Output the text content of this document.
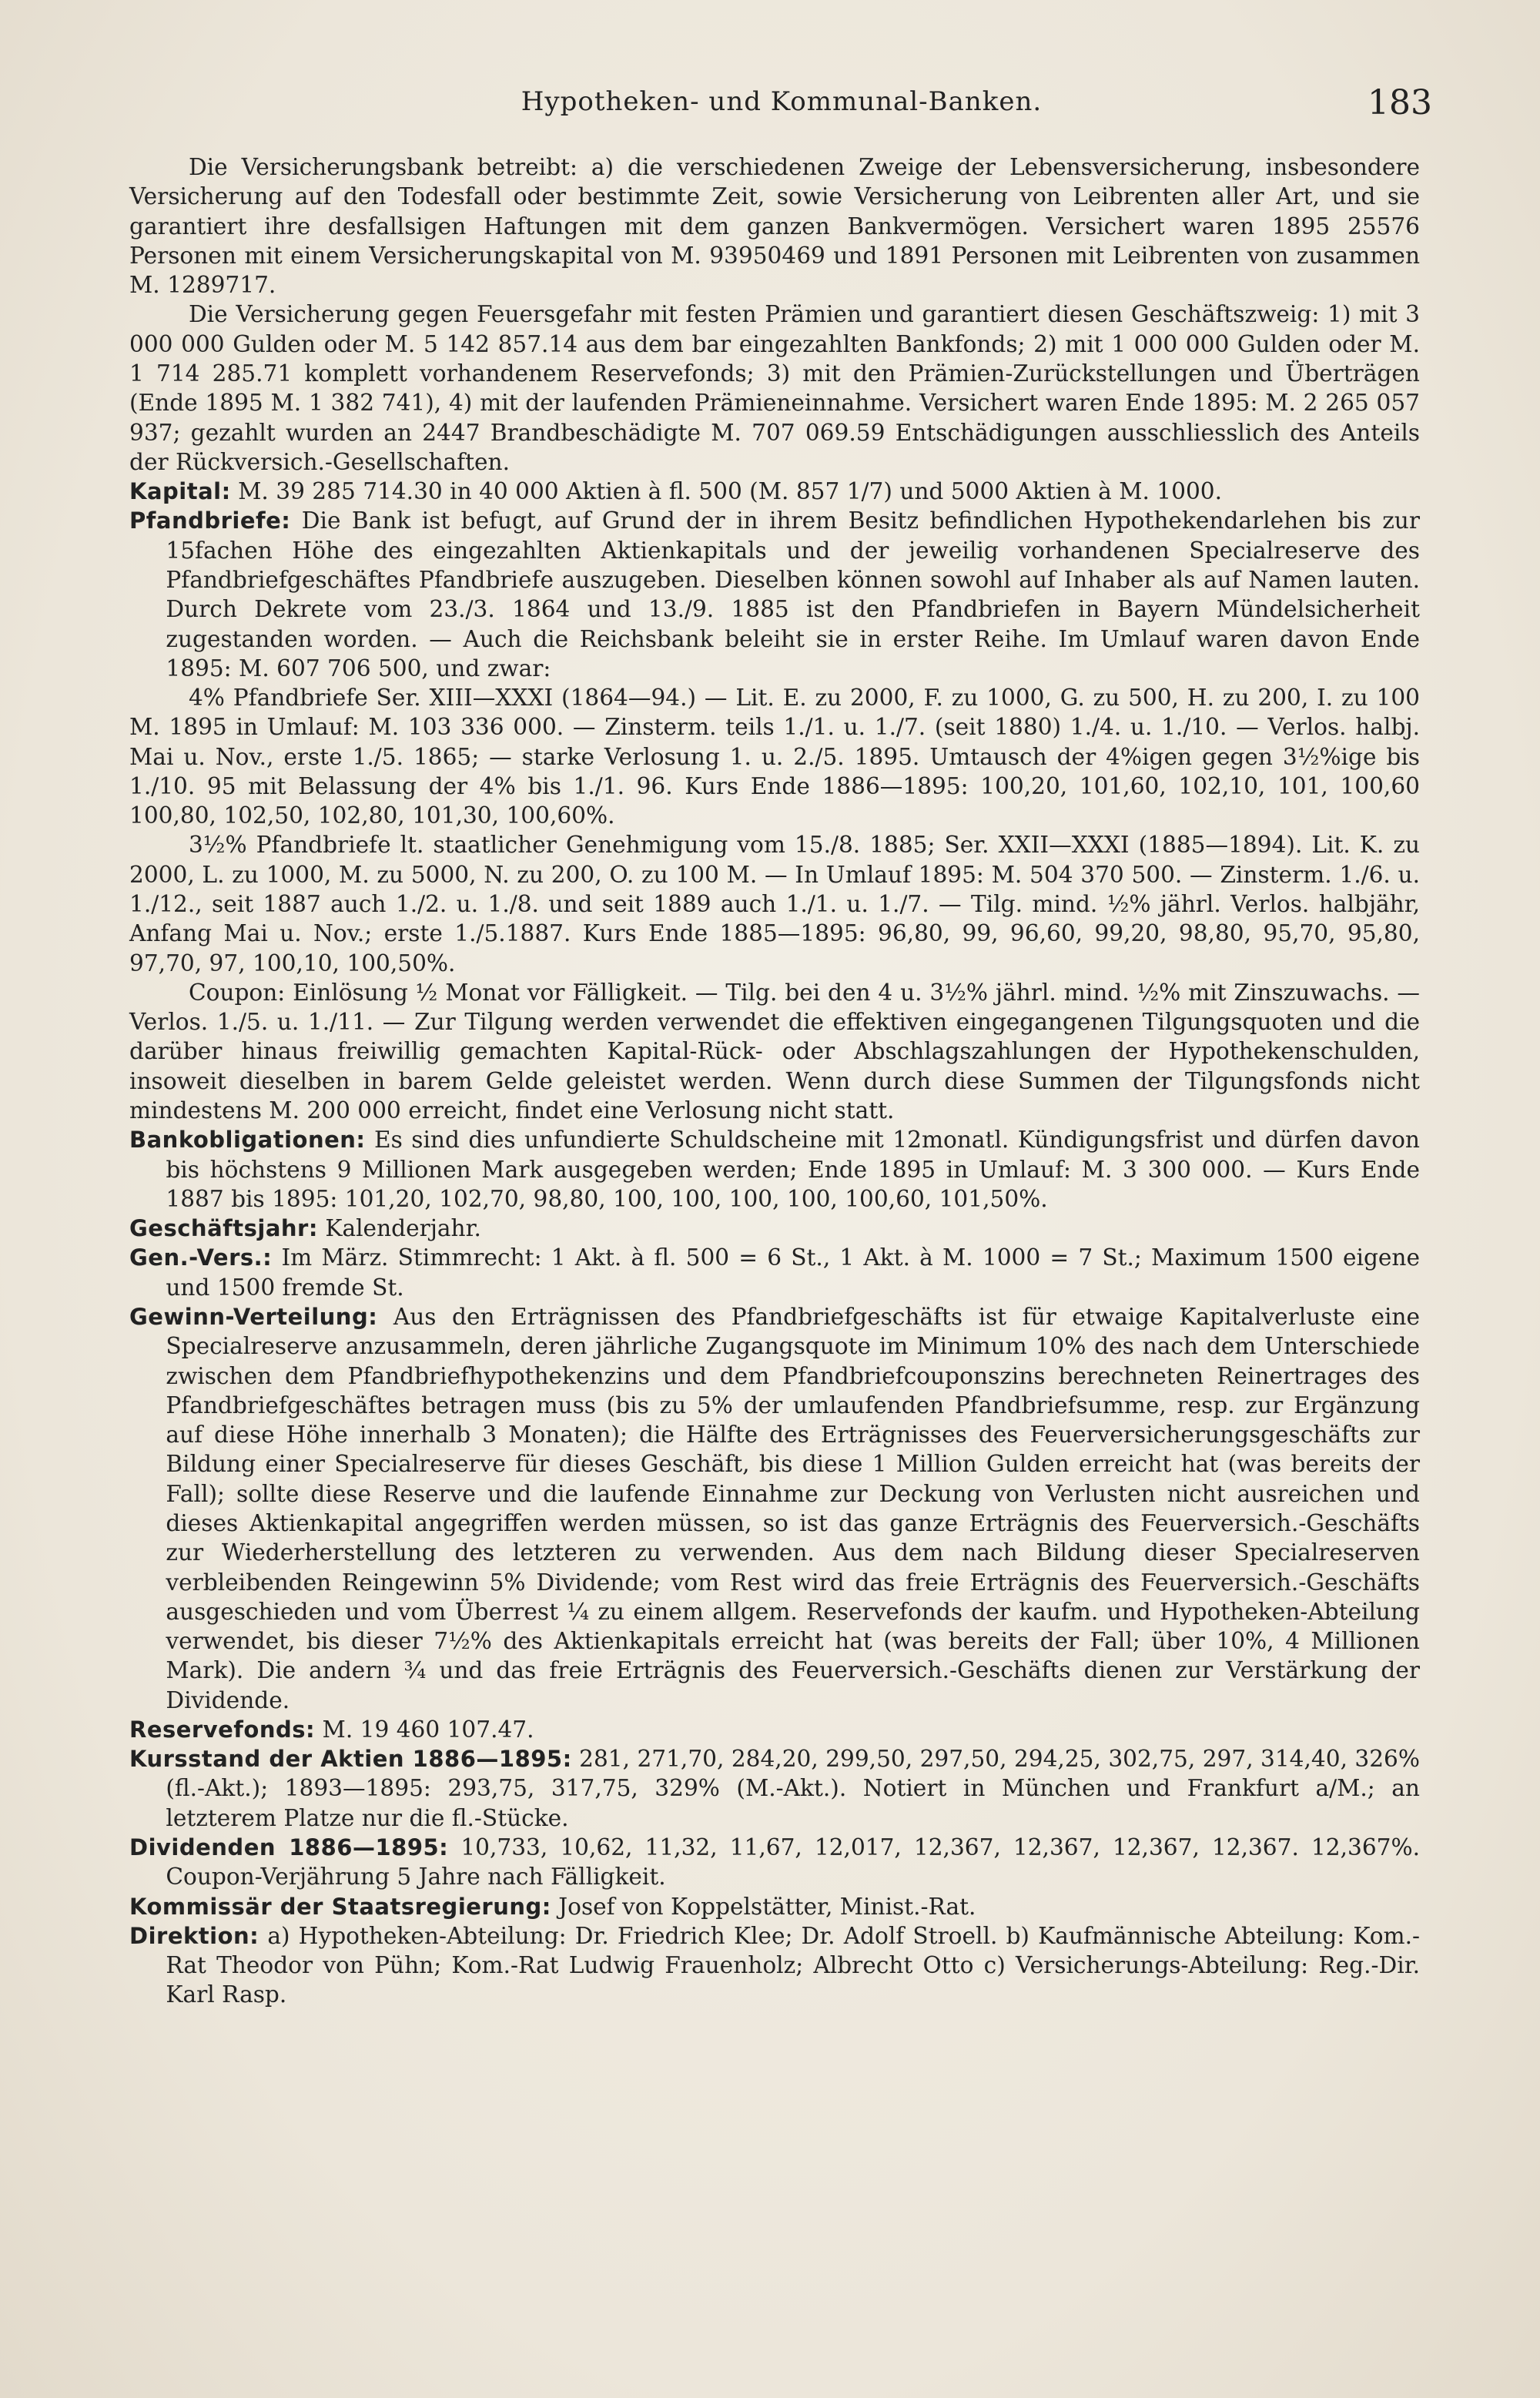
Hypotheken- und Kommunal-Banken.	183

Die Versicherungsbank betreibt: a) die verschiedenen Zweige der Lebensversicherung, insbesondere Versicherung auf den Todesfall oder bestimmte Zeit, sowie Versicherung von Leibrenten aller Art, und sie garantiert ihre desfallsigen Haftungen mit dem ganzen Bankvermögen. Versichert waren 1895 25576 Personen mit einem Versicherungskapital von M. 93950469 und 1891 Personen mit Leibrenten von zusammen M. 1289717.

Die Versicherung gegen Feuersgefahr mit festen Prämien und garantiert diesen Geschäftszweig: 1) mit 3 000 000 Gulden oder M. 5 142 857.14 aus dem bar eingezahlten Bankfonds; 2) mit 1 000 000 Gulden oder M. 1 714 285.71 komplett vorhandenem Reservefonds; 3) mit den Prämien-Zurückstellungen und Überträgen (Ende 1895 M. 1 382 741), 4) mit der laufenden Prämieneinnahme. Versichert waren Ende 1895: M. 2 265 057 937; gezahlt wurden an 2447 Brandbeschädigte M. 707 069.59 Entschädigungen ausschliesslich des Anteils der Rückversich.-Gesellschaften.

Kapital: M. 39 285 714.30 in 40 000 Aktien à fl. 500 (M. 857 1/7) und 5000 Aktien à M. 1000.

Pfandbriefe: Die Bank ist befugt, auf Grund der in ihrem Besitz befindlichen Hypothekendarlehen bis zur 15fachen Höhe des eingezahlten Aktienkapitals und der jeweilig vorhandenen Specialreserve des Pfandbriefgeschäftes Pfandbriefe auszugeben. Dieselben können sowohl auf Inhaber als auf Namen lauten. Durch Dekrete vom 23./3. 1864 und 13./9. 1885 ist den Pfandbriefen in Bayern Mündelsicherheit zugestanden worden. — Auch die Reichsbank beleiht sie in erster Reihe. Im Umlauf waren davon Ende 1895: M. 607 706 500, und zwar:

4% Pfandbriefe Ser. XIII—XXXI (1864—94.) — Lit. E. zu 2000, F. zu 1000, G. zu 500, H. zu 200, I. zu 100 M. 1895 in Umlauf: M. 103 336 000. — Zinsterm. teils 1./1. u. 1./7. (seit 1880) 1./4. u. 1./10. — Verlos. halbj. Mai u. Nov., erste 1./5. 1865; — starke Verlosung 1. u. 2./5. 1895. Umtausch der 4%igen gegen 3½%ige bis 1./10. 95 mit Belassung der 4% bis 1./1. 96. Kurs Ende 1886—1895: 100,20, 101,60, 102,10, 101, 100,60 100,80, 102,50, 102,80, 101,30, 100,60%.

3½% Pfandbriefe lt. staatlicher Genehmigung vom 15./8. 1885; Ser. XXII—XXXI (1885—1894). Lit. K. zu 2000, L. zu 1000, M. zu 5000, N. zu 200, O. zu 100 M. — In Umlauf 1895: M. 504 370 500. — Zinsterm. 1./6. u. 1./12., seit 1887 auch 1./2. u. 1./8. und seit 1889 auch 1./1. u. 1./7. — Tilg. mind. ½% jährl. Verlos. halbjähr, Anfang Mai u. Nov.; erste 1./5.1887. Kurs Ende 1885—1895: 96,80, 99, 96,60, 99,20, 98,80, 95,70, 95,80, 97,70, 97, 100,10, 100,50%.

Coupon: Einlösung ½ Monat vor Fälligkeit. — Tilg. bei den 4 u. 3½% jährl. mind. ½% mit Zinszuwachs. — Verlos. 1./5. u. 1./11. — Zur Tilgung werden verwendet die effektiven eingegangenen Tilgungsquoten und die darüber hinaus freiwillig gemachten Kapital-Rück- oder Abschlagszahlungen der Hypothekenschulden, insoweit dieselben in barem Gelde geleistet werden. Wenn durch diese Summen der Tilgungsfonds nicht mindestens M. 200 000 erreicht, findet eine Verlosung nicht statt.

Bankobligationen: Es sind dies unfundierte Schuldscheine mit 12monatl. Kündigungsfrist und dürfen davon bis höchstens 9 Millionen Mark ausgegeben werden; Ende 1895 in Umlauf: M. 3 300 000. — Kurs Ende 1887 bis 1895: 101,20, 102,70, 98,80, 100, 100, 100, 100, 100,60, 101,50%.

Geschäftsjahr: Kalenderjahr.

Gen.-Vers.: Im März. Stimmrecht: 1 Akt. à fl. 500 = 6 St., 1 Akt. à M. 1000 = 7 St.; Maximum 1500 eigene und 1500 fremde St.

Gewinn-Verteilung: Aus den Erträgnissen des Pfandbriefgeschäfts ist für etwaige Kapitalverluste eine Specialreserve anzusammeln, deren jährliche Zugangsquote im Minimum 10% des nach dem Unterschiede zwischen dem Pfandbriefhypothekenzins und dem Pfandbriefcouponszins berechneten Reinertrages des Pfandbriefgeschäftes betragen muss (bis zu 5% der umlaufenden Pfandbriefsumme, resp. zur Ergänzung auf diese Höhe innerhalb 3 Monaten); die Hälfte des Erträgnisses des Feuerversicherungsgeschäfts zur Bildung einer Specialreserve für dieses Geschäft, bis diese 1 Million Gulden erreicht hat (was bereits der Fall); sollte diese Reserve und die laufende Einnahme zur Deckung von Verlusten nicht ausreichen und dieses Aktienkapital angegriffen werden müssen, so ist das ganze Erträgnis des Feuerversich.-Geschäfts zur Wiederherstellung des letzteren zu verwenden. Aus dem nach Bildung dieser Specialreserven verbleibenden Reingewinn 5% Dividende; vom Rest wird das freie Erträgnis des Feuerversich.-Geschäfts ausgeschieden und vom Überrest ¼ zu einem allgem. Reservefonds der kaufm. und Hypotheken-Abteilung verwendet, bis dieser 7½% des Aktienkapitals erreicht hat (was bereits der Fall; über 10%, 4 Millionen Mark). Die andern ¾ und das freie Erträgnis des Feuerversich.-Geschäfts dienen zur Verstärkung der Dividende.

Reservefonds: M. 19 460 107.47.

Kursstand der Aktien 1886—1895: 281, 271,70, 284,20, 299,50, 297,50, 294,25, 302,75, 297, 314,40, 326% (fl.-Akt.); 1893—1895: 293,75, 317,75, 329% (M.-Akt.). Notiert in München und Frankfurt a/M.; an letzterem Platze nur die fl.-Stücke.

Dividenden 1886—1895: 10,733, 10,62, 11,32, 11,67, 12,017, 12,367, 12,367, 12,367, 12,367. 12,367%. Coupon-Verjährung 5 Jahre nach Fälligkeit.

Kommissär der Staatsregierung: Josef von Koppelstätter, Minist.-Rat.

Direktion: a) Hypotheken-Abteilung: Dr. Friedrich Klee; Dr. Adolf Stroell. b) Kaufmännische Abteilung: Kom.-Rat Theodor von Pühn; Kom.-Rat Ludwig Frauenholz; Albrecht Otto c) Versicherungs-Abteilung: Reg.-Dir. Karl Rasp.
